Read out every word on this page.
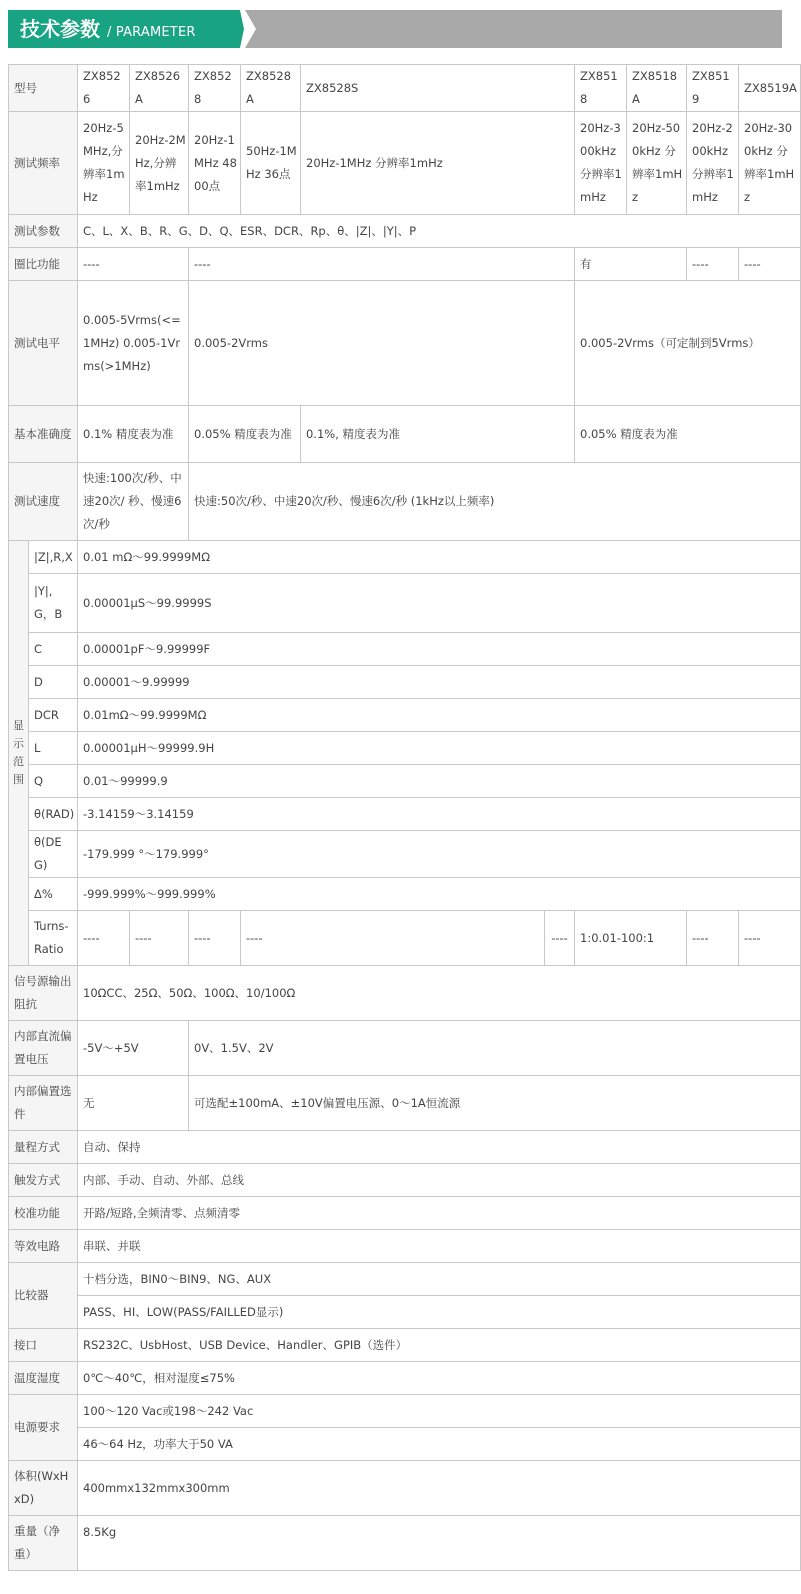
技术参数 / PARAMETER
型号		ZX8526	ZX8526A	ZX8528	ZX8528A	ZX8528S		ZX8518	ZX8518A	ZX8519	ZX8519A
测试频率		20Hz-5MHz,分辨率1mHz	20Hz-2MHz,分辨率1mHz	20Hz-1MHz 4800点	50Hz-1MHz 36点	20Hz-1MHz 分辨率1mHz		20Hz-300kHz 分辨率1mHz	20Hz-500kHz 分辨率1mHz	20Hz-200kHz 分辨率1mHz	20Hz-300kHz 分辨率1mHz
测试参数		C、L、X、B、R、G、D、Q、ESR、DCR、Rp、θ、|Z|、|Y|、P									
圈比功能		----		----				有		----	----
测试电平		0.005-5Vrms(<=1MHz) 0.005-1Vrms(>1MHz)		0.005-2Vrms				0.005-2Vrms（可定制到5Vrms）			
基本准确度		0.1% 精度表为准		0.05% 精度表为准		0.1%, 精度表为准		0.05% 精度表为准			
测试速度		快速:100次/秒、中速20次/ 秒、慢速6次/秒		快速:50次/秒、中速20次/秒、慢速6次/秒 (1kHz以上频率)							
显示范围	|Z|,R,X	0.01 mΩ～99.9999MΩ									
	|Y|, G，B	0.00001μS～99.9999S									
	C	0.00001pF～9.99999F									
	D	0.00001～9.99999									
	DCR	0.01mΩ～99.9999MΩ									
	L	0.00001μH～99999.9H									
	Q	0.01～99999.9									
	θ(RAD)	-3.14159～3.14159									
	θ(DEG)	-179.999 °～179.999°									
	Δ%	-999.999%～999.999%									
	Turns-Ratio	----	----	----	----		----	1:0.01-100:1		----	----
信号源输出阻抗		10ΩCC、25Ω、50Ω、100Ω、10/100Ω									
内部直流偏置电压		-5V～+5V		0V、1.5V、2V							
内部偏置选件		无		可选配±100mA、±10V偏置电压源、0～1A恒流源							
量程方式		自动、保持									
触发方式		内部、手动、自动、外部、总线									
校准功能		开路/短路,全频清零、点频清零									
等效电路		串联、并联									
比较器		十档分选，BIN0～BIN9、NG、AUX									
		PASS、HI、LOW(PASS/FAILLED显示)									
接口		RS232C、UsbHost、USB Device、Handler、GPIB（选件）									
温度湿度		0℃～40℃，相对湿度≤75%									
电源要求		100～120 Vac或198～242 Vac									
		46～64 Hz，功率大于50 VA									
体积(WxHxD)		400mmx132mmx300mm									
重量（净重）		8.5Kg									
